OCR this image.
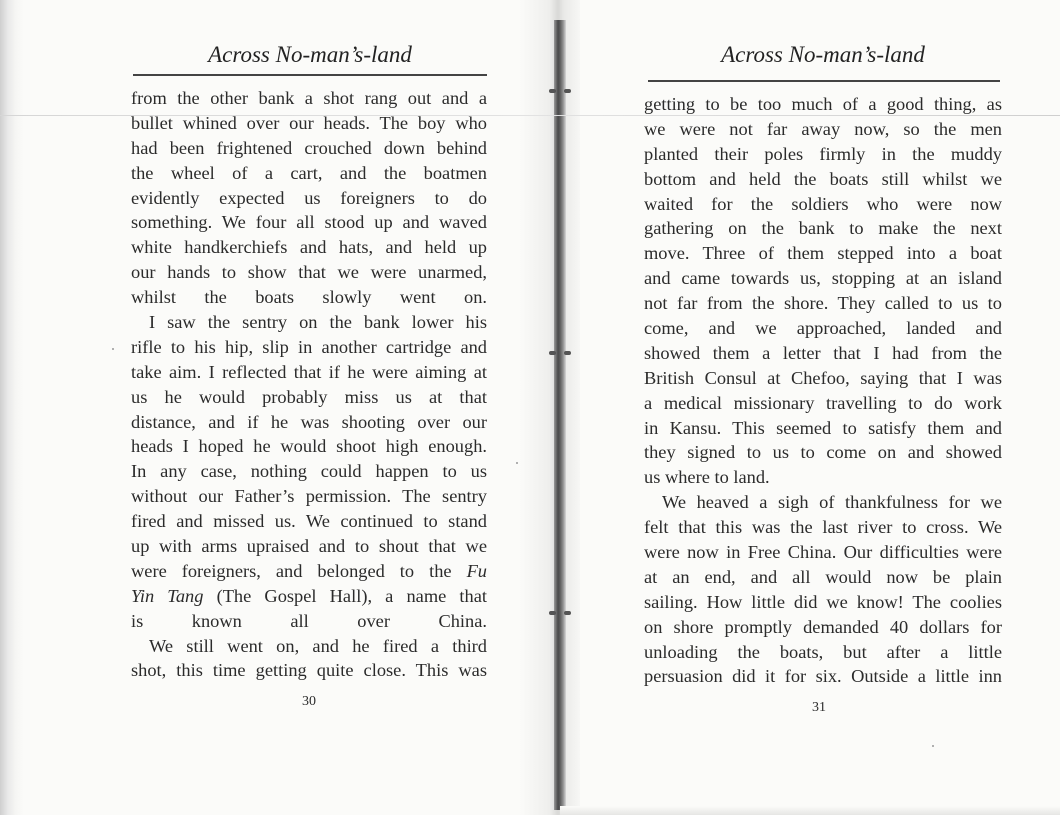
Across No-man’s-land
from the other bank a shot rang out and a
bullet whined over our heads. The boy who
had been frightened crouched down behind
the wheel of a cart, and the boatmen
evidently expected us foreigners to do
something. We four all stood up and waved
white handkerchiefs and hats, and held up
our hands to show that we were unarmed,
whilst the boats slowly went on.
I saw the sentry on the bank lower his
rifle to his hip, slip in another cartridge and
take aim. I reflected that if he were aiming at
us he would probably miss us at that
distance, and if he was shooting over our
heads I hoped he would shoot high enough.
In any case, nothing could happen to us
without our Father’s permission. The sentry
fired and missed us. We continued to stand
up with arms upraised and to shout that we
were foreigners, and belonged to the Fu
Yin Tang (The Gospel Hall), a name that
is known all over China.
We still went on, and he fired a third
shot, this time getting quite close. This was
30
Across No-man’s-land
getting to be too much of a good thing, as
we were not far away now, so the men
planted their poles firmly in the muddy
bottom and held the boats still whilst we
waited for the soldiers who were now
gathering on the bank to make the next
move. Three of them stepped into a boat
and came towards us, stopping at an island
not far from the shore. They called to us to
come, and we approached, landed and
showed them a letter that I had from the
British Consul at Chefoo, saying that I was
a medical missionary travelling to do work
in Kansu. This seemed to satisfy them and
they signed to us to come on and showed
us where to land.
We heaved a sigh of thankfulness for we
felt that this was the last river to cross. We
were now in Free China. Our difficulties were
at an end, and all would now be plain
sailing. How little did we know! The coolies
on shore promptly demanded 40 dollars for
unloading the boats, but after a little
persuasion did it for six. Outside a little inn
31
